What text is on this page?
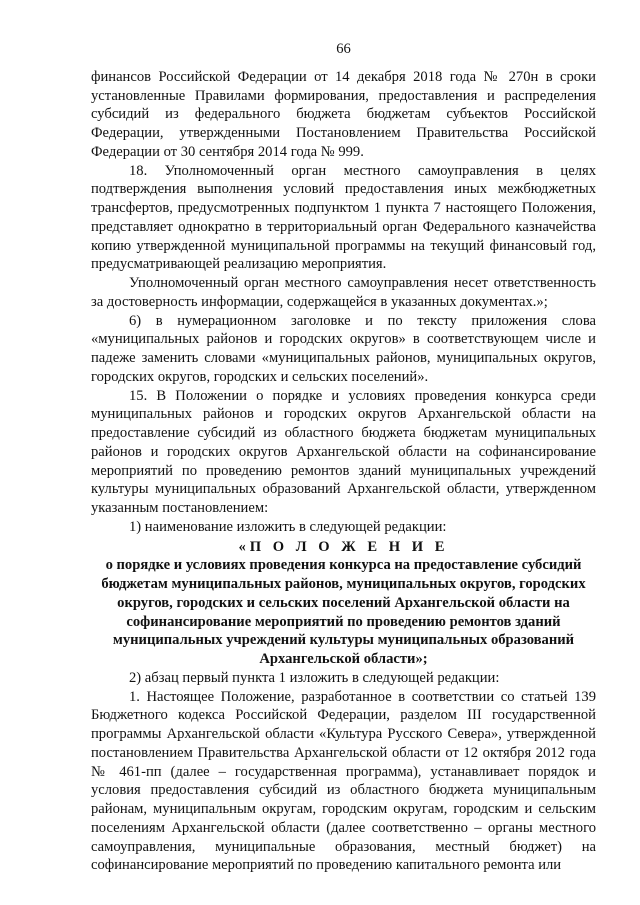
66

финансов Российской Федерации от 14 декабря 2018 года № 270н в сроки установленные Правилами формирования, предоставления и распределения субсидий из федерального бюджета бюджетам субъектов Российской Федерации, утвержденными Постановлением Правительства Российской Федерации от 30 сентября 2014 года № 999.

18. Уполномоченный орган местного самоуправления в целях подтверждения выполнения условий предоставления иных межбюджетных трансфертов, предусмотренных подпунктом 1 пункта 7 настоящего Положения, представляет однократно в территориальный орган Федерального казначейства копию утвержденной муниципальной программы на текущий финансовый год, предусматривающей реализацию мероприятия.

Уполномоченный орган местного самоуправления несет ответственность за достоверность информации, содержащейся в указанных документах.»;

6) в нумерационном заголовке и по тексту приложения слова «муниципальных районов и городских округов» в соответствующем числе и падеже заменить словами «муниципальных районов, муниципальных округов, городских округов, городских и сельских поселений».

15. В Положении о порядке и условиях проведения конкурса среди муниципальных районов и городских округов Архангельской области на предоставление субсидий из областного бюджета бюджетам муниципальных районов и городских округов Архангельской области на софинансирование мероприятий по проведению ремонтов зданий муниципальных учреждений культуры муниципальных образований Архангельской области, утвержденном указанным постановлением:

1) наименование изложить в следующей редакции:

«П О Л О Ж Е Н И Е
о порядке и условиях проведения конкурса на предоставление субсидий бюджетам муниципальных районов, муниципальных округов, городских округов, городских и сельских поселений Архангельской области на софинансирование мероприятий по проведению ремонтов зданий муниципальных учреждений культуры муниципальных образований Архангельской области»;

2) абзац первый пункта 1 изложить в следующей редакции:

1. Настоящее Положение, разработанное в соответствии со статьей 139 Бюджетного кодекса Российской Федерации, разделом III государственной программы Архангельской области «Культура Русского Севера», утвержденной постановлением Правительства Архангельской области от 12 октября 2012 года № 461-пп (далее – государственная программа), устанавливает порядок и условия предоставления субсидий из областного бюджета муниципальным районам, муниципальным округам, городским округам, городским и сельским поселениям Архангельской области (далее соответственно – органы местного самоуправления, муниципальные образования, местный бюджет) на софинансирование мероприятий по проведению капитального ремонта или
